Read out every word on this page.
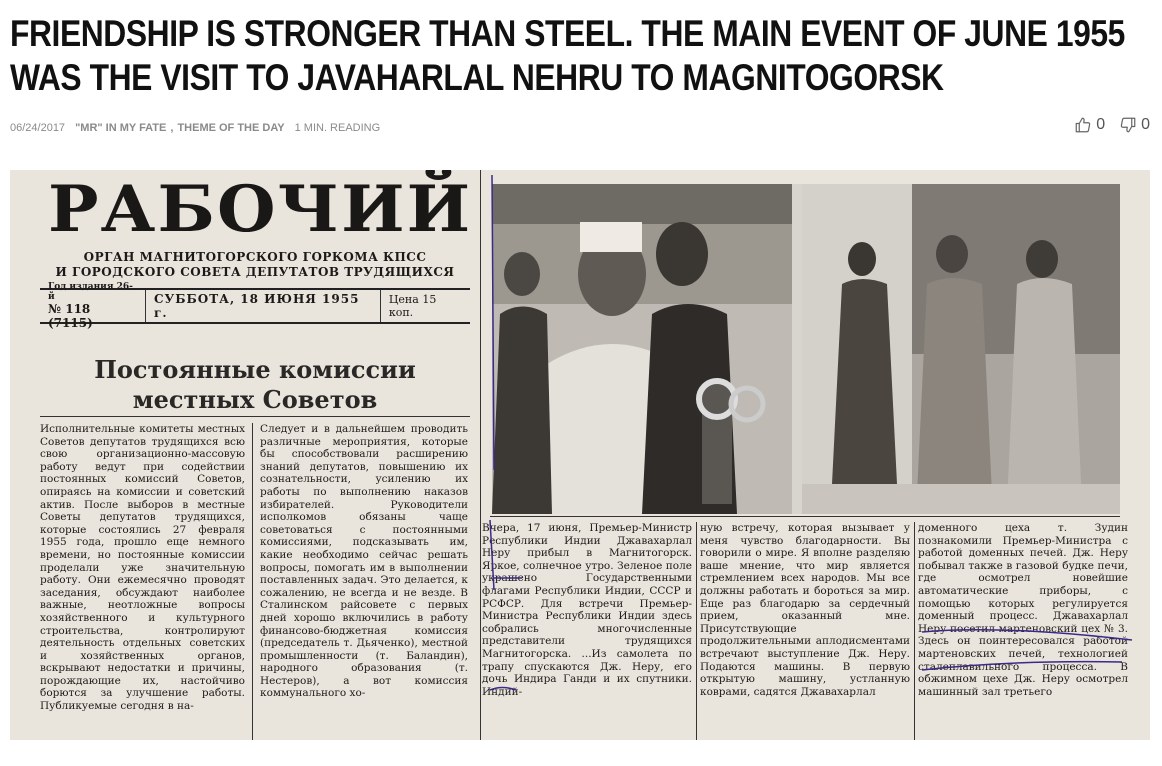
FRIENDSHIP IS STRONGER THAN STEEL. THE MAIN EVENT OF JUNE 1955 WAS THE VISIT TO JAVAHARLAL NEHRU TO MAGNITOGORSK
06/24/2017 "MR" IN MY FATE , THEME OF THE DAY 1 MIN. READING	0 0
РАБОЧИЙ
ОРГАН МАГНИТОГОРСКОГО ГОРКОМА КПСС
И ГОРОДСКОГО СОВЕТА ДЕПУТАТОВ ТРУДЯЩИХСЯ
Год издания 26-й
№ 118 (7115)
СУББОТА, 18 ИЮНЯ 1955 г.
Цена 15 коп.
Постоянные комиссии
местных Советов
Исполнительные комитеты местных Советов депутатов трудящихся всю свою организационно-массовую работу ведут при содействии постоянных комиссий Советов, опираясь на комиссии и советский актив. После выборов в местные Советы депутатов трудящихся, которые состоялись 27 февраля 1955 года, прошло еще немного времени, но постоянные комиссии проделали уже значительную работу. Они ежемесячно проводят заседания, обсуждают наиболее важные, неотложные вопросы хозяйственного и культурного строительства, контролируют деятельность отдельных советских и хозяйственных органов, вскрывают недостатки и причины, порождающие их, настойчиво борются за улучшение работы. Публикуемые сегодня в на-
Следует и в дальнейшем проводить различные мероприятия, которые бы способствовали расширению знаний депутатов, повышению их сознательности, усилению их работы по выполнению наказов избирателей. Руководители исполкомов обязаны чаще советоваться с постоянными комиссиями, подсказывать им, какие необходимо сейчас решать вопросы, помогать им в выполнении поставленных задач. Это делается, к сожалению, не всегда и не везде. В Сталинском райсовете с первых дней хорошо включились в работу финансово-бюджетная комиссия (председатель т. Дьяченко), местной промышленности (т. Баландин), народного образования (т. Нестеров), а вот комиссия коммунального хо-
Вчера, 17 июня, Премьер-Министр Республики Индии Джавахарлал Неру прибыл в Магнитогорск. Яркое, солнечное утро. Зеленое поле украшено Государственными флагами Республики Индии, СССР и РСФСР. Для встречи Премьер-Министра Республики Индии здесь собрались многочисленные представители трудящихся Магнитогорска. ...Из самолета по трапу спускаются Дж. Неру, его дочь Индира Ганди и их спутники. Индий-
ную встречу, которая вызывает у меня чувство благодарности. Вы говорили о мире. Я вполне разделяю ваше мнение, что мир является стремлением всех народов. Мы все должны работать и бороться за мир. Еще раз благодарю за сердечный прием, оказанный мне. Присутствующие продолжительными аплодисментами встречают выступление Дж. Неру. Подаются машины. В первую открытую машину, устланную коврами, садятся Джавахарлал
доменного цеха т. Зудин познакомили Премьер-Министра с работой доменных печей. Дж. Неру побывал также в газовой будке печи, где осмотрел новейшие автоматические приборы, с помощью которых регулируется доменный процесс. Джавахарлал Неру посетил мартеновский цех № 3. Здесь он поинтересовался работой мартеновских печей, технологией сталеплавильного процесса. В обжимном цехе Дж. Неру осмотрел машинный зал третьего
